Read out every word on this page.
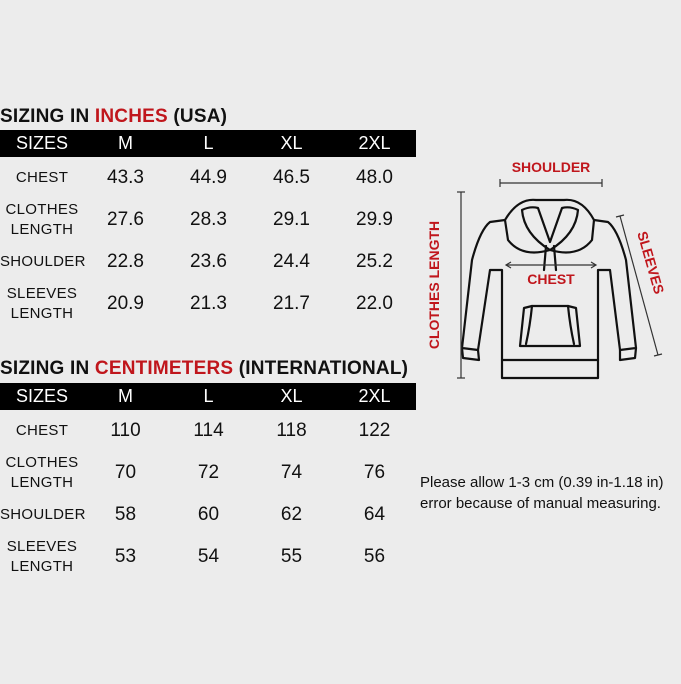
SIZING IN INCHES (USA)
SIZES	M	L	XL	2XL
CHEST	43.3	44.9	46.5	48.0
CLOTHES
LENGTH	27.6	28.3	29.1	29.9
SHOULDER	22.8	23.6	24.4	25.2
SLEEVES
LENGTH	20.9	21.3	21.7	22.0
SIZING IN CENTIMETERS (INTERNATIONAL)
SIZES	M	L	XL	2XL
CHEST	110	114	118	122
CLOTHES
LENGTH	70	72	74	76
SHOULDER	58	60	62	64
SLEEVES
LENGTH	53	54	55	56
SHOULDER
CHEST
CLOTHES LENGTH	SLEEVES
Please allow 1-3 cm (0.39 in-1.18 in)
error because of manual measuring.
